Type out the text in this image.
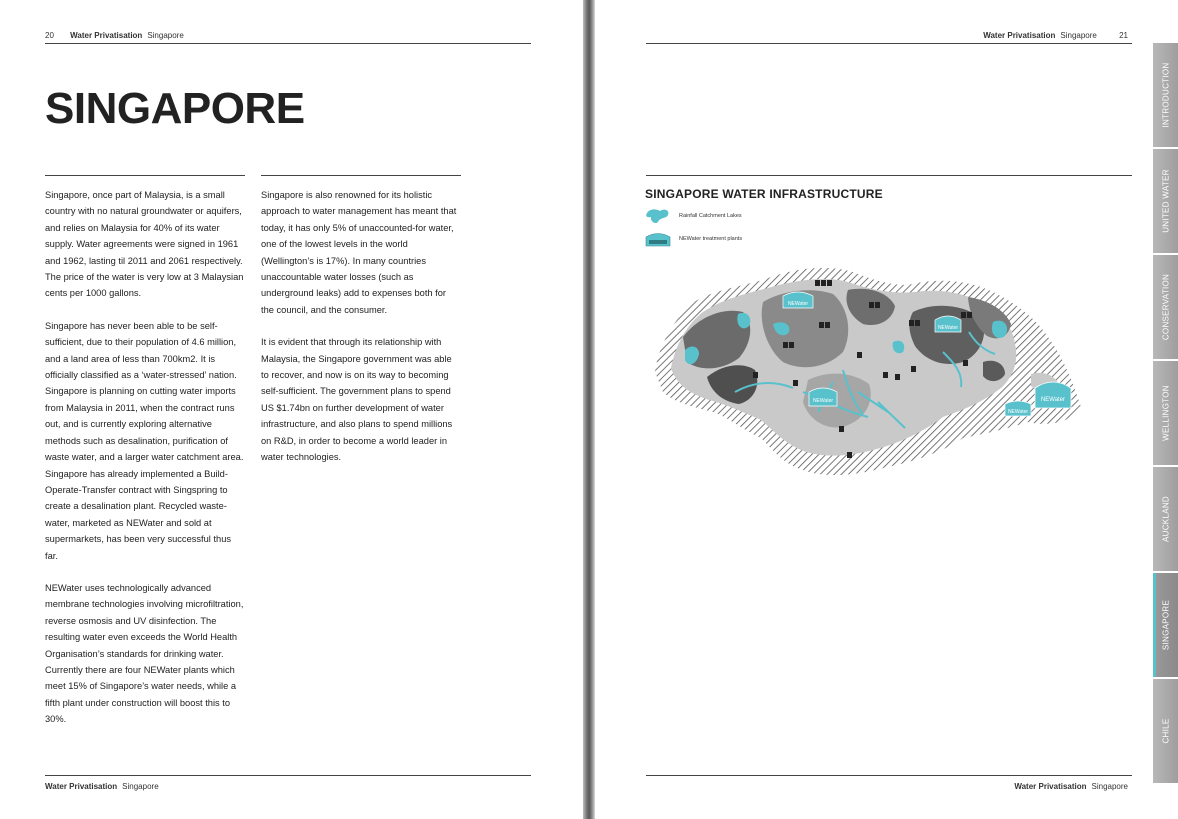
20 Water Privatisation Singapore
SINGAPORE

Singapore, once part of Malaysia, is a small country with no natural groundwater or aquifers, and relies on Malaysia for 40% of its water supply. Water agreements were signed in 1961 and 1962, lasting til 2011 and 2061 respectively. The price of the water is very low at 3 Malaysian cents per 1000 gallons.

Singapore has never been able to be self-sufficient, due to their population of 4.6 million, and a land area of less than 700km2. It is officially classified as a ‘water-stressed’ nation. Singapore is planning on cutting water imports from Malaysia in 2011, when the contract runs out, and is currently exploring alternative methods such as desalination, purification of waste water, and a larger water catchment area. Singapore has already implemented a Build-Operate-Transfer contract with Singspring to create a desalination plant. Recycled waste-water, marketed as NEWater and sold at supermarkets, has been very successful thus far.

NEWater uses technologically advanced membrane technologies involving microfiltration, reverse osmosis and UV disinfection. The resulting water even exceeds the World Health Organisation’s standards for drinking water. Currently there are four NEWater plants which meet 15% of Singapore’s water needs, while a fifth plant under construction will boost this to 30%.

Singapore is also renowned for its holistic approach to water management has meant that today, it has only 5% of unaccounted-for water, one of the lowest levels in the world (Wellington’s is 17%). In many countries unaccountable water losses (such as underground leaks) add to expenses both for the council, and the consumer.

It is evident that through its relationship with Malaysia, the Singapore government was able to recover, and now is on its way to becoming self-sufficient. The government plans to spend US $1.74bn on further development of water infrastructure, and also plans to spend millions on R&D, in order to become a world leader in water technologies.

Water Privatisation Singapore
Water Privatisation Singapore	21
SINGAPORE WATER INFRASTRUCTURE
Rainfall Catchment Lakes
NEWater treatment plants
NEWater
NEWater
NEWater
NEWater
NEWater
Water Privatisation Singapore
INTRODUCTION
UNITED WATER
CONSERVATION
WELLINGTON
AUCKLAND
SINGAPORE
CHILE
